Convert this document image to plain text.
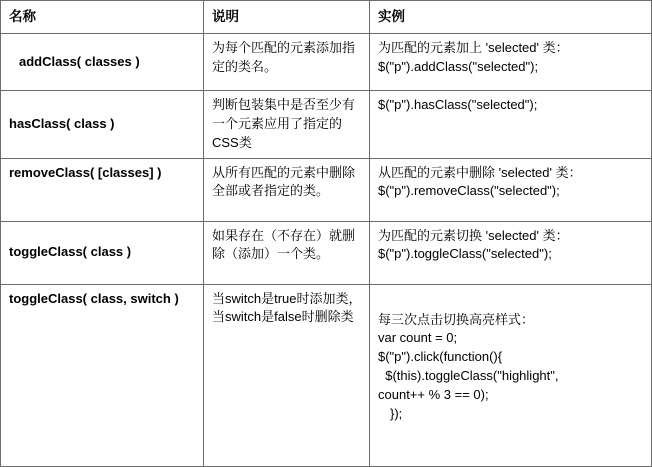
名称	说明	实例

addClass( classes )	为每个匹配的元素添加指定的类名。	为匹配的元素加上 'selected' 类：
$("p").addClass("selected");

hasClass( class )	判断包装集中是否至少有一个元素应用了指定的CSS类	$("p").hasClass("selected");

removeClass( [classes] )	从所有匹配的元素中删除全部或者指定的类。	从匹配的元素中删除 'selected' 类：
$("p").removeClass("selected");

toggleClass( class )	如果存在（不存在）就删除（添加）一个类。	为匹配的元素切换 'selected' 类：
$("p").toggleClass("selected");

toggleClass( class, switch )	当switch是true时添加类，当switch是false时删除类	每三次点击切换高亮样式：
var count = 0;
$("p").click(function(){
$(this).toggleClass("highlight",
count++ % 3 == 0);
});
